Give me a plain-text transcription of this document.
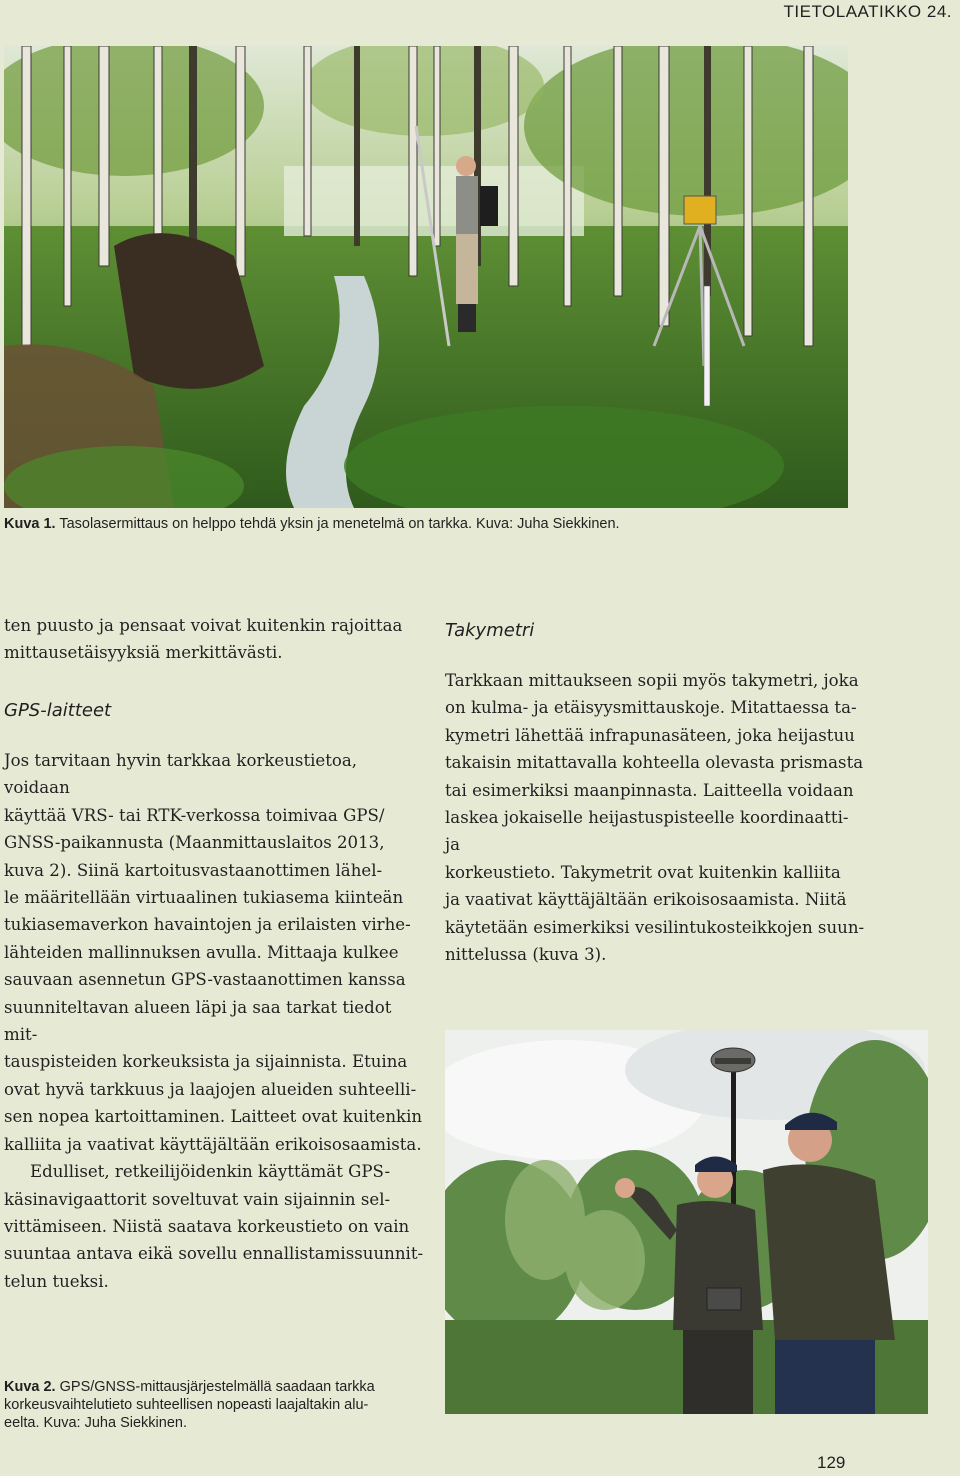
TIETOLAATIKKO 24.
Kuva 1. Tasolasermittaus on helppo tehdä yksin ja menetelmä on tarkka. Kuva: Juha Siekkinen.

ten puusto ja pensaat voivat kuitenkin rajoittaa
mittausetäisyyksiä merkittävästi.

GPS-laitteet

Jos tarvitaan hyvin tarkkaa korkeustietoa, voidaan
käyttää VRS- tai RTK-verkossa toimivaa GPS/
GNSS-paikannusta (Maanmittauslaitos 2013,
kuva 2). Siinä kartoitusvastaanottimen lähel-
le määritellään virtuaalinen tukiasema kiinteän
tukiasemaverkon havaintojen ja erilaisten virhe-
lähteiden mallinnuksen avulla. Mittaaja kulkee
sauvaan asennetun GPS-vastaanottimen kanssa
suunniteltavan alueen läpi ja saa tarkat tiedot mit-
tauspisteiden korkeuksista ja sijainnista. Etuina
ovat hyvä tarkkuus ja laajojen alueiden suhteelli-
sen nopea kartoittaminen. Laitteet ovat kuitenkin
kalliita ja vaativat käyttäjältään erikoisosaamista.

Edulliset, retkeilijöidenkin käyttämät GPS-
käsinavigaattorit soveltuvat vain sijainnin sel-
vittämiseen. Niistä saatava korkeustieto on vain
suuntaa antava eikä sovellu ennallistamissuunnit-
telun tueksi.

Takymetri

Tarkkaan mittaukseen sopii myös takymetri, joka
on kulma- ja etäisyysmittauskoje. Mitattaessa ta-
kymetri lähettää infrapunasäteen, joka heijastuu
takaisin mitattavalla kohteella olevasta prismasta
tai esimerkiksi maanpinnasta. Laitteella voidaan
laskea jokaiselle heijastuspisteelle koordinaatti- ja
korkeustieto. Takymetrit ovat kuitenkin kalliita
ja vaativat käyttäjältään erikoisosaamista. Niitä
käytetään esimerkiksi vesilintukosteikkojen suun-
nittelussa (kuva 3).

Kuva 2. GPS/GNSS-mittausjärjestelmällä saadaan tarkka
korkeusvaihtelutieto suhteellisen nopeasti laajaltakin alu-
eelta. Kuva: Juha Siekkinen.

129
